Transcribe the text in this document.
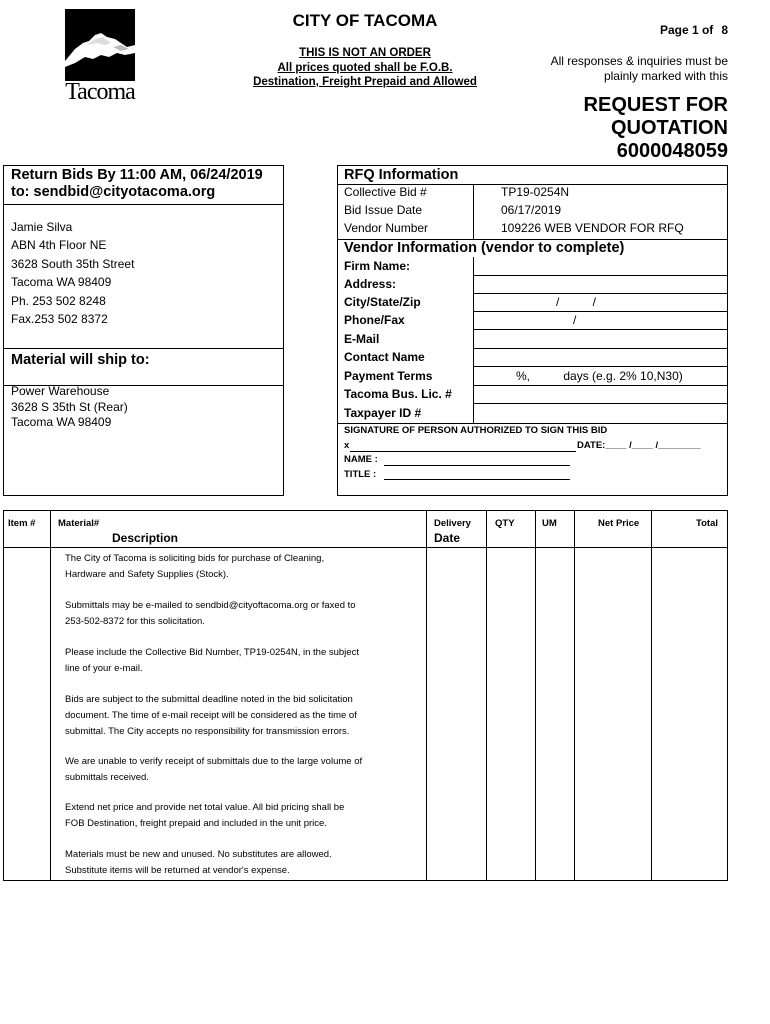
Tacoma
CITY OF TACOMA
THIS IS NOT AN ORDER
All prices quoted shall be F.O.B.
Destination, Freight Prepaid and Allowed
Page 1 of 8
All responses & inquiries must be
plainly marked with this
REQUEST FOR
QUOTATION
6000048059
Return Bids By 11:00 AM, 06/24/2019
to: sendbid@cityotacoma.org
Jamie Silva
ABN 4th Floor NE
3628 South 35th Street
Tacoma WA 98409
Ph. 253 502 8248
Fax.253 502 8372
Material will ship to:
Power Warehouse
3628 S 35th St (Rear)
Tacoma WA 98409
RFQ Information
Collective Bid #	TP19-0254N
Bid Issue Date	06/17/2019
Vendor Number	109226 WEB VENDOR FOR RFQ
Vendor Information (vendor to complete)
Firm Name:
Address:
City/State/Zip	/          /
Phone/Fax	/
E-Mail
Contact Name
Payment Terms	%,          days (e.g. 2% 10,N30)
Tacoma Bus. Lic. #
Taxpayer ID #
SIGNATURE OF PERSON AUTHORIZED TO SIGN THIS BID
x	DATE:____ /____ /________
NAME :
TITLE :
Item # Material#
Description
Delivery
Date
QTY	UM	Net Price	Total
The City of Tacoma is soliciting bids for purchase of Cleaning,
Hardware and Safety Supplies (Stock).
Submittals may be e-mailed to sendbid@cityoftacoma.org or faxed to
253-502-8372 for this solicitation.
Please include the Collective Bid Number, TP19-0254N, in the subject
line of your e-mail.
Bids are subject to the submittal deadline noted in the bid solicitation
document. The time of e-mail receipt will be considered as the time of
submittal. The City accepts no responsibility for transmission errors.
We are unable to verify receipt of submittals due to the large volume of
submittals received.
Extend net price and provide net total value. All bid pricing shall be
FOB Destination, freight prepaid and included in the unit price.
Materials must be new and unused. No substitutes are allowed.
Substitute items will be returned at vendor's expense.
